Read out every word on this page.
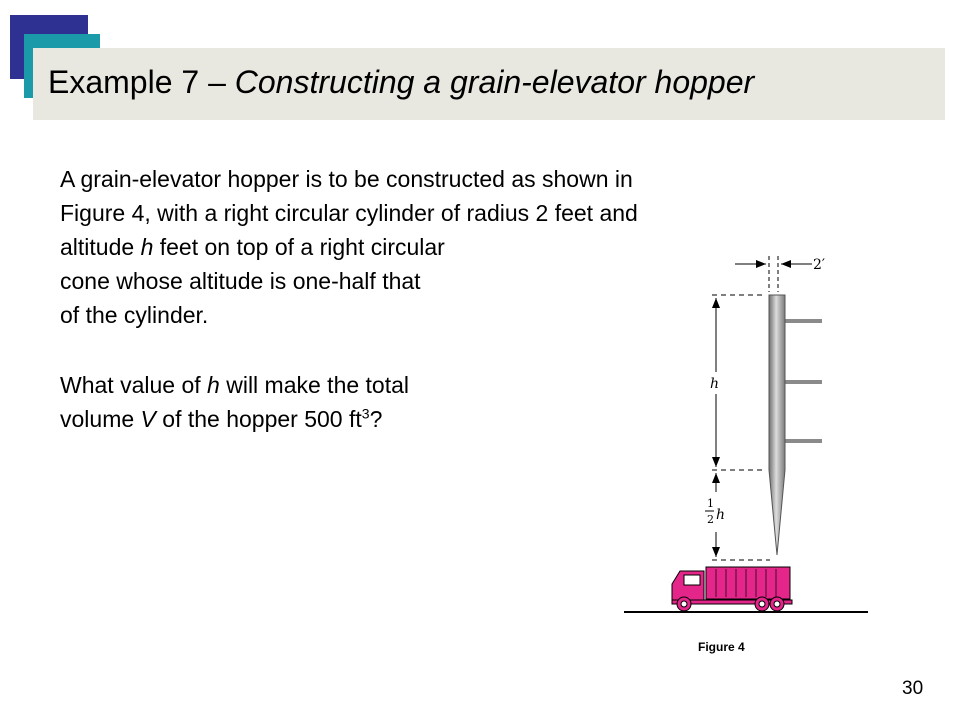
Example 7 – Constructing a grain-elevator hopper
A grain-elevator hopper is to be constructed as shown in
Figure 4, with a right circular cylinder of radius 2 feet and
altitude h feet on top of a right circular
cone whose altitude is one-half that
of the cylinder.
What value of h will make the total
volume V of the hopper 500 $ft^3$?
2′
h
1
2 h
Figure 4
30
